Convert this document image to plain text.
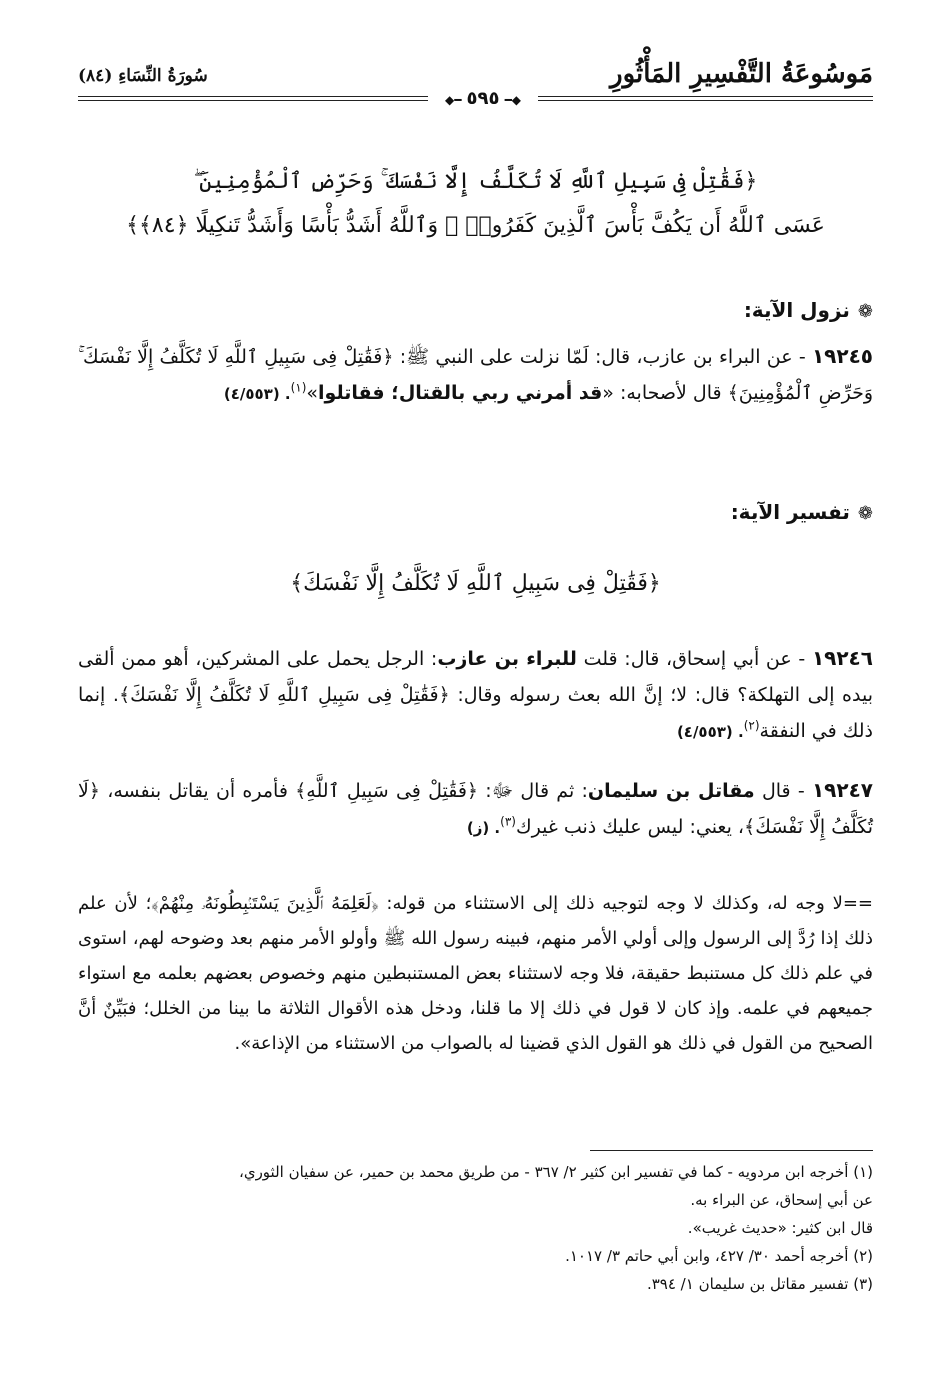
مَوسُوعَةُ التَّفْسِيرِ المَأْثُورِ
سُورَةُ النِّسَاءِ (٨٤)
◆━ ٥٩٥ ━◆
﴿فَقَٰتِلْ فِى سَبِيلِ ٱللَّهِ لَا تُكَلَّفُ إِلَّا نَفْسَكَ ۚ وَحَرِّضِ ٱلْمُؤْمِنِينَ ۖ
عَسَى ٱللَّهُ أَن يَكُفَّ بَأْسَ ٱلَّذِينَ كَفَرُوا۟ ۚ وَٱللَّهُ أَشَدُّ بَأْسًا وَأَشَدُّ تَنكِيلًا ﴿٨٤﴾﴾
❁نزول الآية:
١٩٢٤٥ - عن البراء بن عازب، قال: لَمّا نزلت على النبي ﷺ: ﴿فَقَٰتِلْ فِى سَبِيلِ ٱللَّهِ لَا تُكَلَّفُ إِلَّا نَفْسَكَ ۚ وَحَرِّضِ ٱلْمُؤْمِنِينَ﴾ قال لأصحابه: «قد أمرني ربي بالقتال؛ فقاتلوا»$^{(١)}$. (٤/٥٥٣)
❁تفسير الآية:
﴿فَقَٰتِلْ فِى سَبِيلِ ٱللَّهِ لَا تُكَلَّفُ إِلَّا نَفْسَكَ﴾
١٩٢٤٦ - عن أبي إسحاق، قال: قلت للبراء بن عازب: الرجل يحمل على المشركين، أهو ممن ألقى بيده إلى التهلكة؟ قال: لا؛ إنَّ الله بعث رسوله وقال: ﴿فَقَٰتِلْ فِى سَبِيلِ ٱللَّهِ لَا تُكَلَّفُ إِلَّا نَفْسَكَ﴾. إنما ذلك في النفقة$^{(٢)}$. (٤/٥٥٣)
١٩٢٤٧ - قال مقاتل بن سليمان: ثم قال ﷻ: ﴿فَقَٰتِلْ فِى سَبِيلِ ٱللَّهِ﴾ فأمره أن يقاتل بنفسه، ﴿لَا تُكَلَّفُ إِلَّا نَفْسَكَ﴾، يعني: ليس عليك ذنب غيرك$^{(٣)}$. (ز)
==لا وجه له، وكذلك لا وجه لتوجيه ذلك إلى الاستثناء من قوله: ﴿لَعَلِمَهُ ٱلَّذِينَ يَسْتَنۢبِطُونَهُۥ مِنْهُمْ﴾؛ لأن علم ذلك إذا رُدَّ إلى الرسول وإلى أولي الأمر منهم، فبينه رسول الله ﷺ وأولو الأمر منهم بعد وضوحه لهم، استوى في علم ذلك كل مستنبط حقيقة، فلا وجه لاستثناء بعض المستنبطين منهم وخصوص بعضهم بعلمه مع استواء جميعهم في علمه. وإذ كان لا قول في ذلك إلا ما قلنا، ودخل هذه الأقوال الثلاثة ما بينا من الخلل؛ فبَيِّنٌ أنَّ الصحيح من القول في ذلك هو القول الذي قضينا له بالصواب من الاستثناء من الإذاعة».
(١) أخرجه ابن مردويه - كما في تفسير ابن كثير ٢/ ٣٦٧ - من طريق محمد بن حمير، عن سفيان الثوري،
عن أبي إسحاق، عن البراء به.
قال ابن كثير: «حديث غريب».
(٢) أخرجه أحمد ٣٠/ ٤٢٧، وابن أبي حاتم ٣/ ١٠١٧.
(٣) تفسير مقاتل بن سليمان ١/ ٣٩٤.
